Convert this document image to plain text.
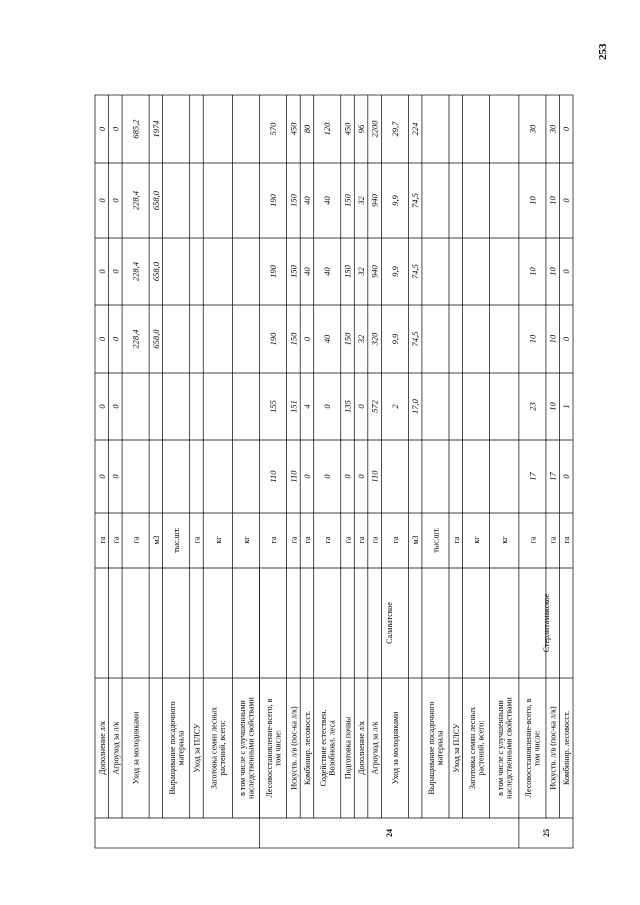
253
Дополнение л/к
га
0
0
0
0
0
0
Агроуход за л/к
га
0
0
0
0
0
0
Уход за молодняками
га
228,4
228,4
228,4
685,2
м3
658,0
658,0
658,0
1974
Выращивание посадочного материала
тыс.шт.
Уход за ПЛСУ
га
Заготовка семян лесных растений, всего:
кг
в том числе с улучшенными наследственными свойствами
кг
Лесовосстановление-всего, в том числе:
га
110
155
190
190
190
570
Искуств. л/в (пос-ка л/к)
га
110
151
150
150
150
450
Комбинир. лесовосст.
га
0
4
0
40
40
80
Содействие естествен. Возобновл. леса
га
0
0
40
40
40
120
Подготовка почвы
га
0
135
150
150
150
450
Дополнение л/к
га
0
0
32
32
32
96
Агроуход за л/к
га
110
572
320
940
940
2200
Уход за молодняками
га
2
9,9
9,9
9,9
29,7
м3
17,0
74,5
74,5
74,5
224
Выращивание посадочного материала
тыс.шт.
Уход за ПЛСУ
га
Заготовка семян лесных растений, всего:
кг
в том числе с улучшенными наследственными свойствами
кг
Лесовосстановление-всего, в том числе:
га
17
23
10
10
10
30
Искуств. л/в (пос-ка л/к)
га
17
10
10
10
10
30
Комбинир. лесовосст.
га
0
1
0
0
0
0
Салаватское
24
Стерлитамакское
25
